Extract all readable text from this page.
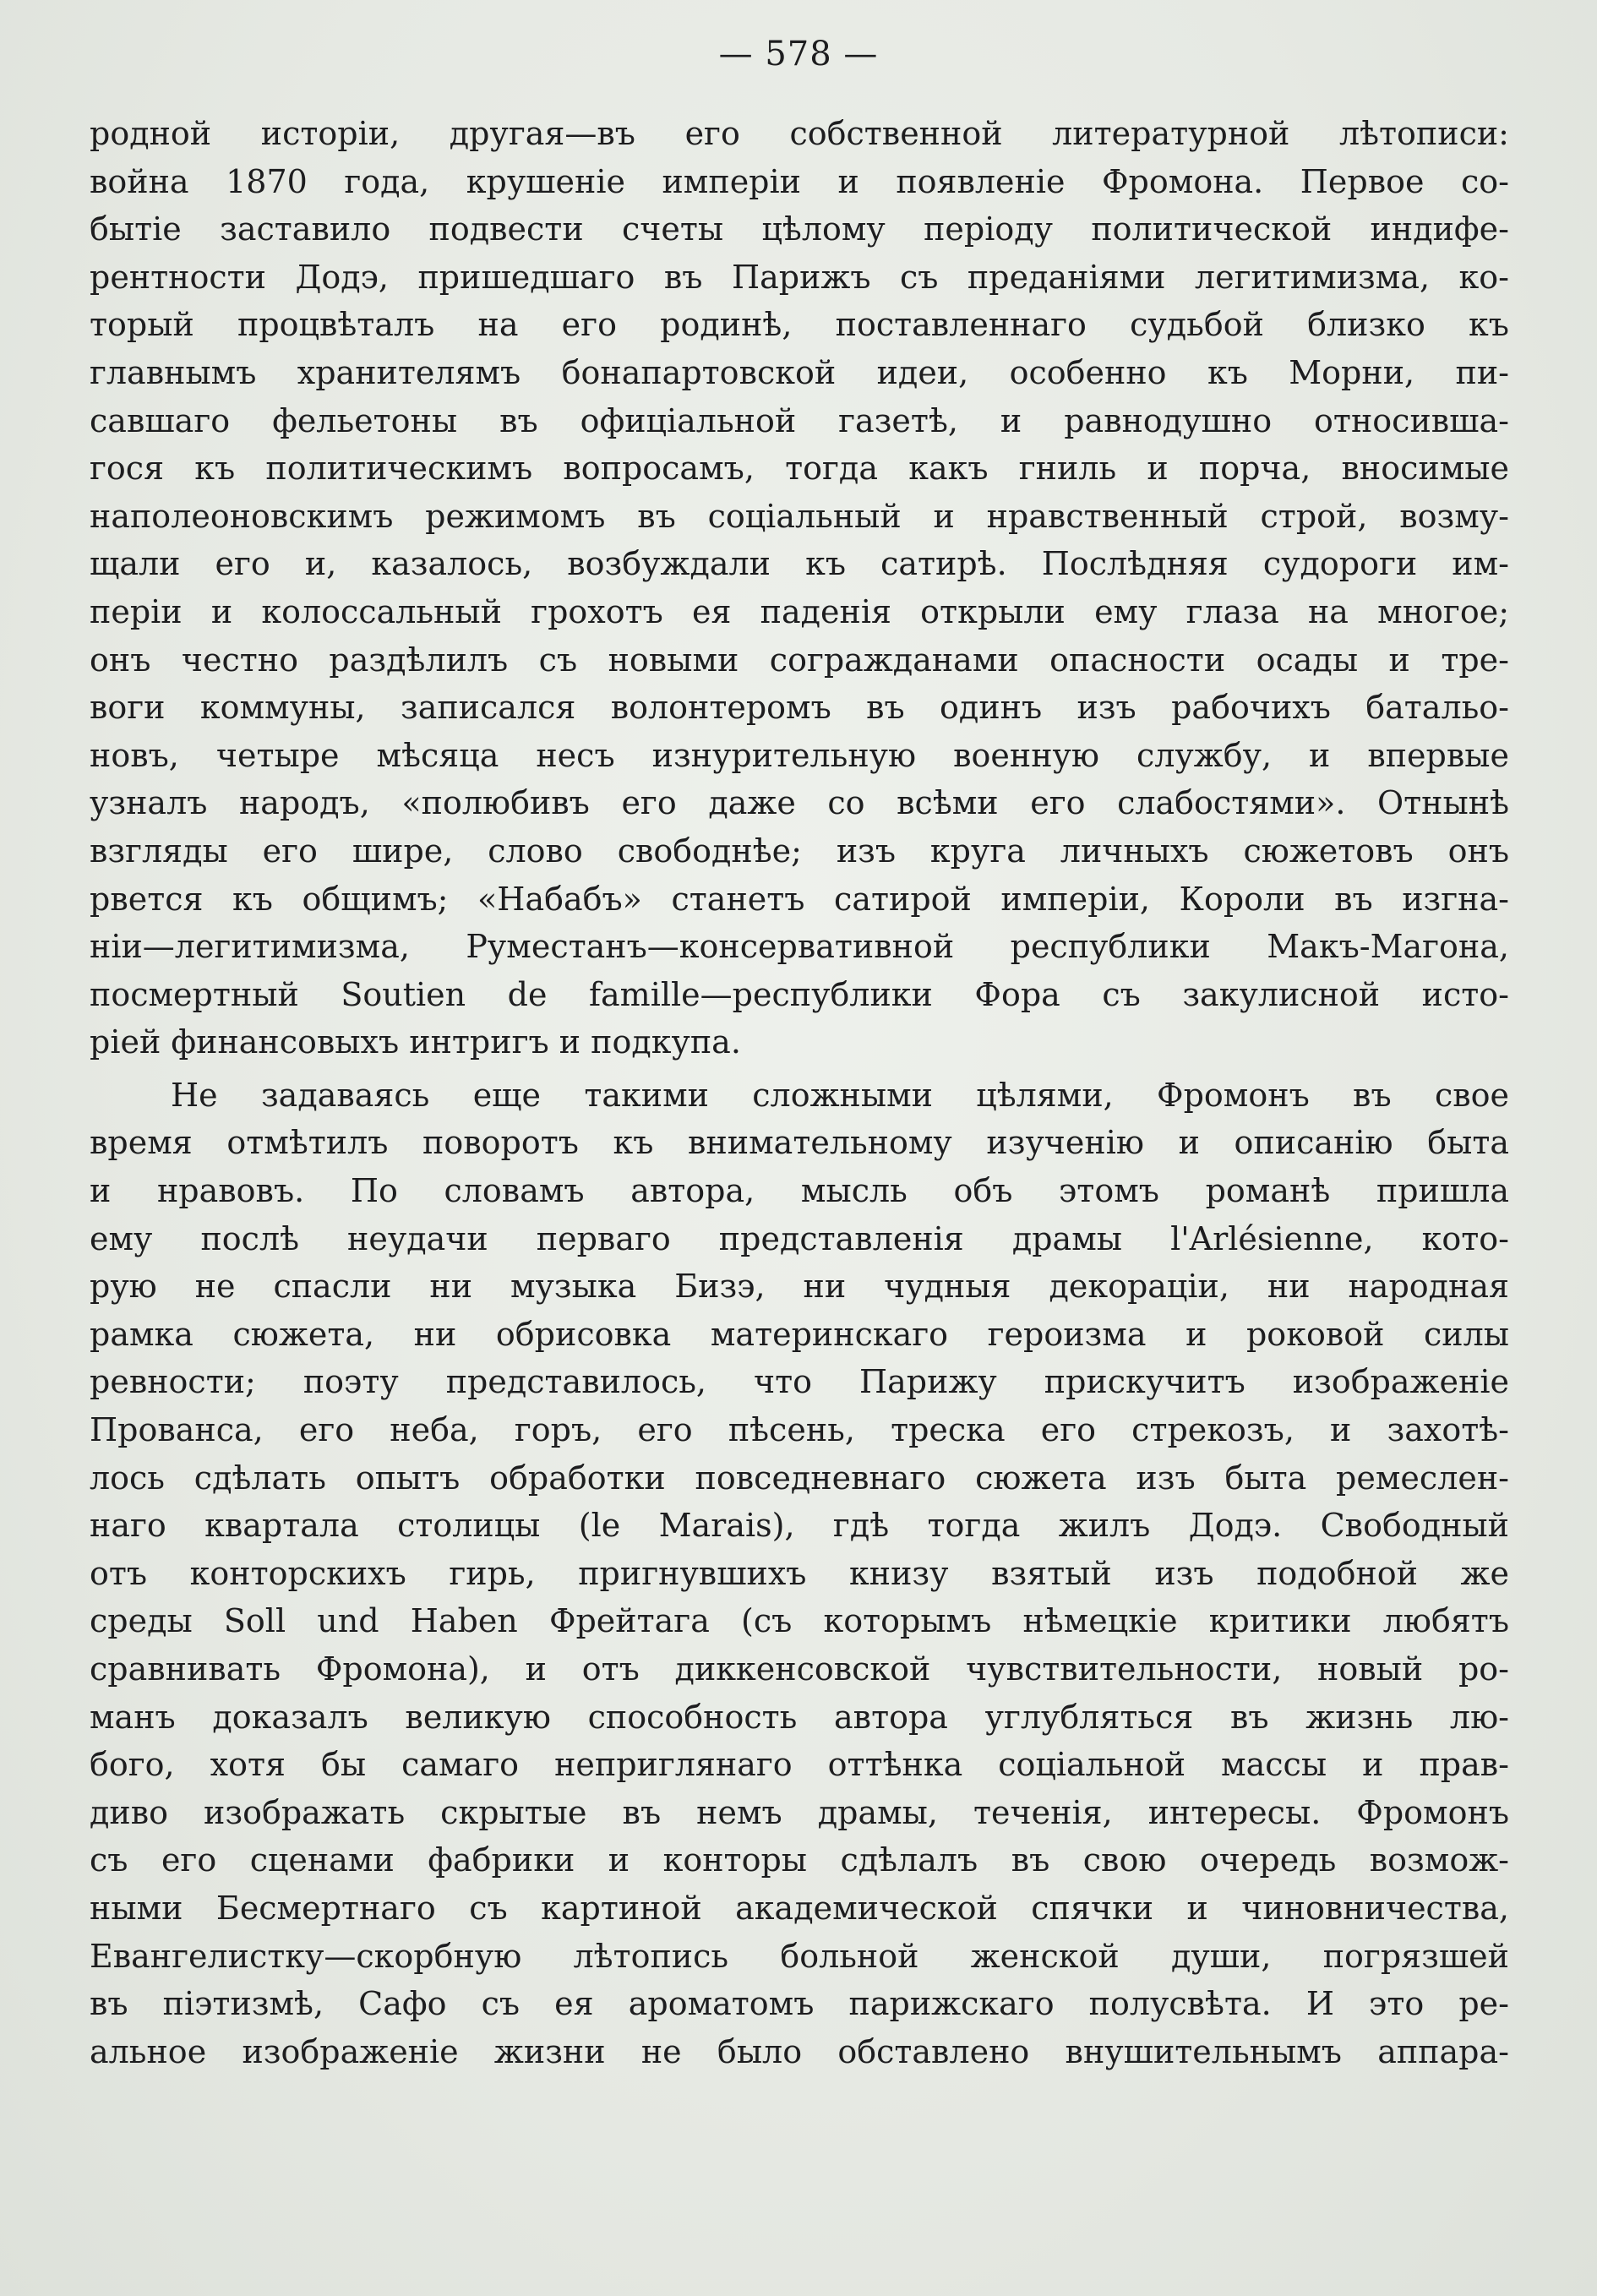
— 578 —
родной исторіи, другая—въ его собственной литературной лѣтописи:
война 1870 года, крушеніе имперіи и появленіе Фромона. Первое со-
бытіе заставило подвести счеты цѣлому періоду политической индифе-
рентности Додэ, пришедшаго въ Парижъ съ преданіями легитимизма, ко-
торый процвѣталъ на его родинѣ, поставленнаго судьбой близко къ
главнымъ хранителямъ бонапартовской идеи, особенно къ Морни, пи-
савшаго фельетоны въ офиціальной газетѣ, и равнодушно относивша-
гося къ политическимъ вопросамъ, тогда какъ гниль и порча, вносимые
наполеоновскимъ режимомъ въ соціальный и нравственный строй, возму-
щали его и, казалось, возбуждали къ сатирѣ. Послѣдняя судороги им-
періи и колоссальный грохотъ ея паденія открыли ему глаза на многое;
онъ честно раздѣлилъ съ новыми согражданами опасности осады и тре-
воги коммуны, записался волонтеромъ въ одинъ изъ рабочихъ батальо-
новъ, четыре мѣсяца несъ изнурительную военную службу, и впервые
узналъ народъ, «полюбивъ его даже со всѣми его слабостями». Отнынѣ
взгляды его шире, слово свободнѣе; изъ круга личныхъ сюжетовъ онъ
рвется къ общимъ; «Набабъ» станетъ сатирой имперіи, Короли въ изгна-
ніи—легитимизма, Руместанъ—консервативной республики Макъ-Магона,
посмертный Soutien de famille—республики Фора съ закулисной исто-
ріей финансовыхъ интригъ и подкупа.
Не задаваясь еще такими сложными цѣлями, Фромонъ въ свое
время отмѣтилъ поворотъ къ внимательному изученію и описанію быта
и нравовъ. По словамъ автора, мысль объ этомъ романѣ пришла
ему послѣ неудачи перваго представленія драмы l'Arlésienne, кото-
рую не спасли ни музыка Бизэ, ни чудныя декораціи, ни народная
рамка сюжета, ни обрисовка материнскаго героизма и роковой силы
ревности; поэту представилось, что Парижу прискучитъ изображеніе
Прованса, его неба, горъ, его пѣсень, треска его стрекозъ, и захотѣ-
лось сдѣлать опытъ обработки повседневнаго сюжета изъ быта ремеслен-
наго квартала столицы (le Marais), гдѣ тогда жилъ Додэ. Свободный
отъ конторскихъ гирь, пригнувшихъ книзу взятый изъ подобной же
среды Soll und Haben Фрейтага (съ которымъ нѣмецкіе критики любятъ
сравнивать Фромона), и отъ диккенсовской чувствительности, новый ро-
манъ доказалъ великую способность автора углубляться въ жизнь лю-
бого, хотя бы самаго неприглянаго оттѣнка соціальной массы и прав-
диво изображать скрытые въ немъ драмы, теченія, интересы. Фромонъ
съ его сценами фабрики и конторы сдѣлалъ въ свою очередь возмож-
ными Бесмертнаго съ картиной академической спячки и чиновничества,
Евангелистку—скорбную лѣтопись больной женской души, погрязшей
въ піэтизмѣ, Сафо съ ея ароматомъ парижскаго полусвѣта. И это ре-
альное изображеніе жизни не было обставлено внушительнымъ аппара-
